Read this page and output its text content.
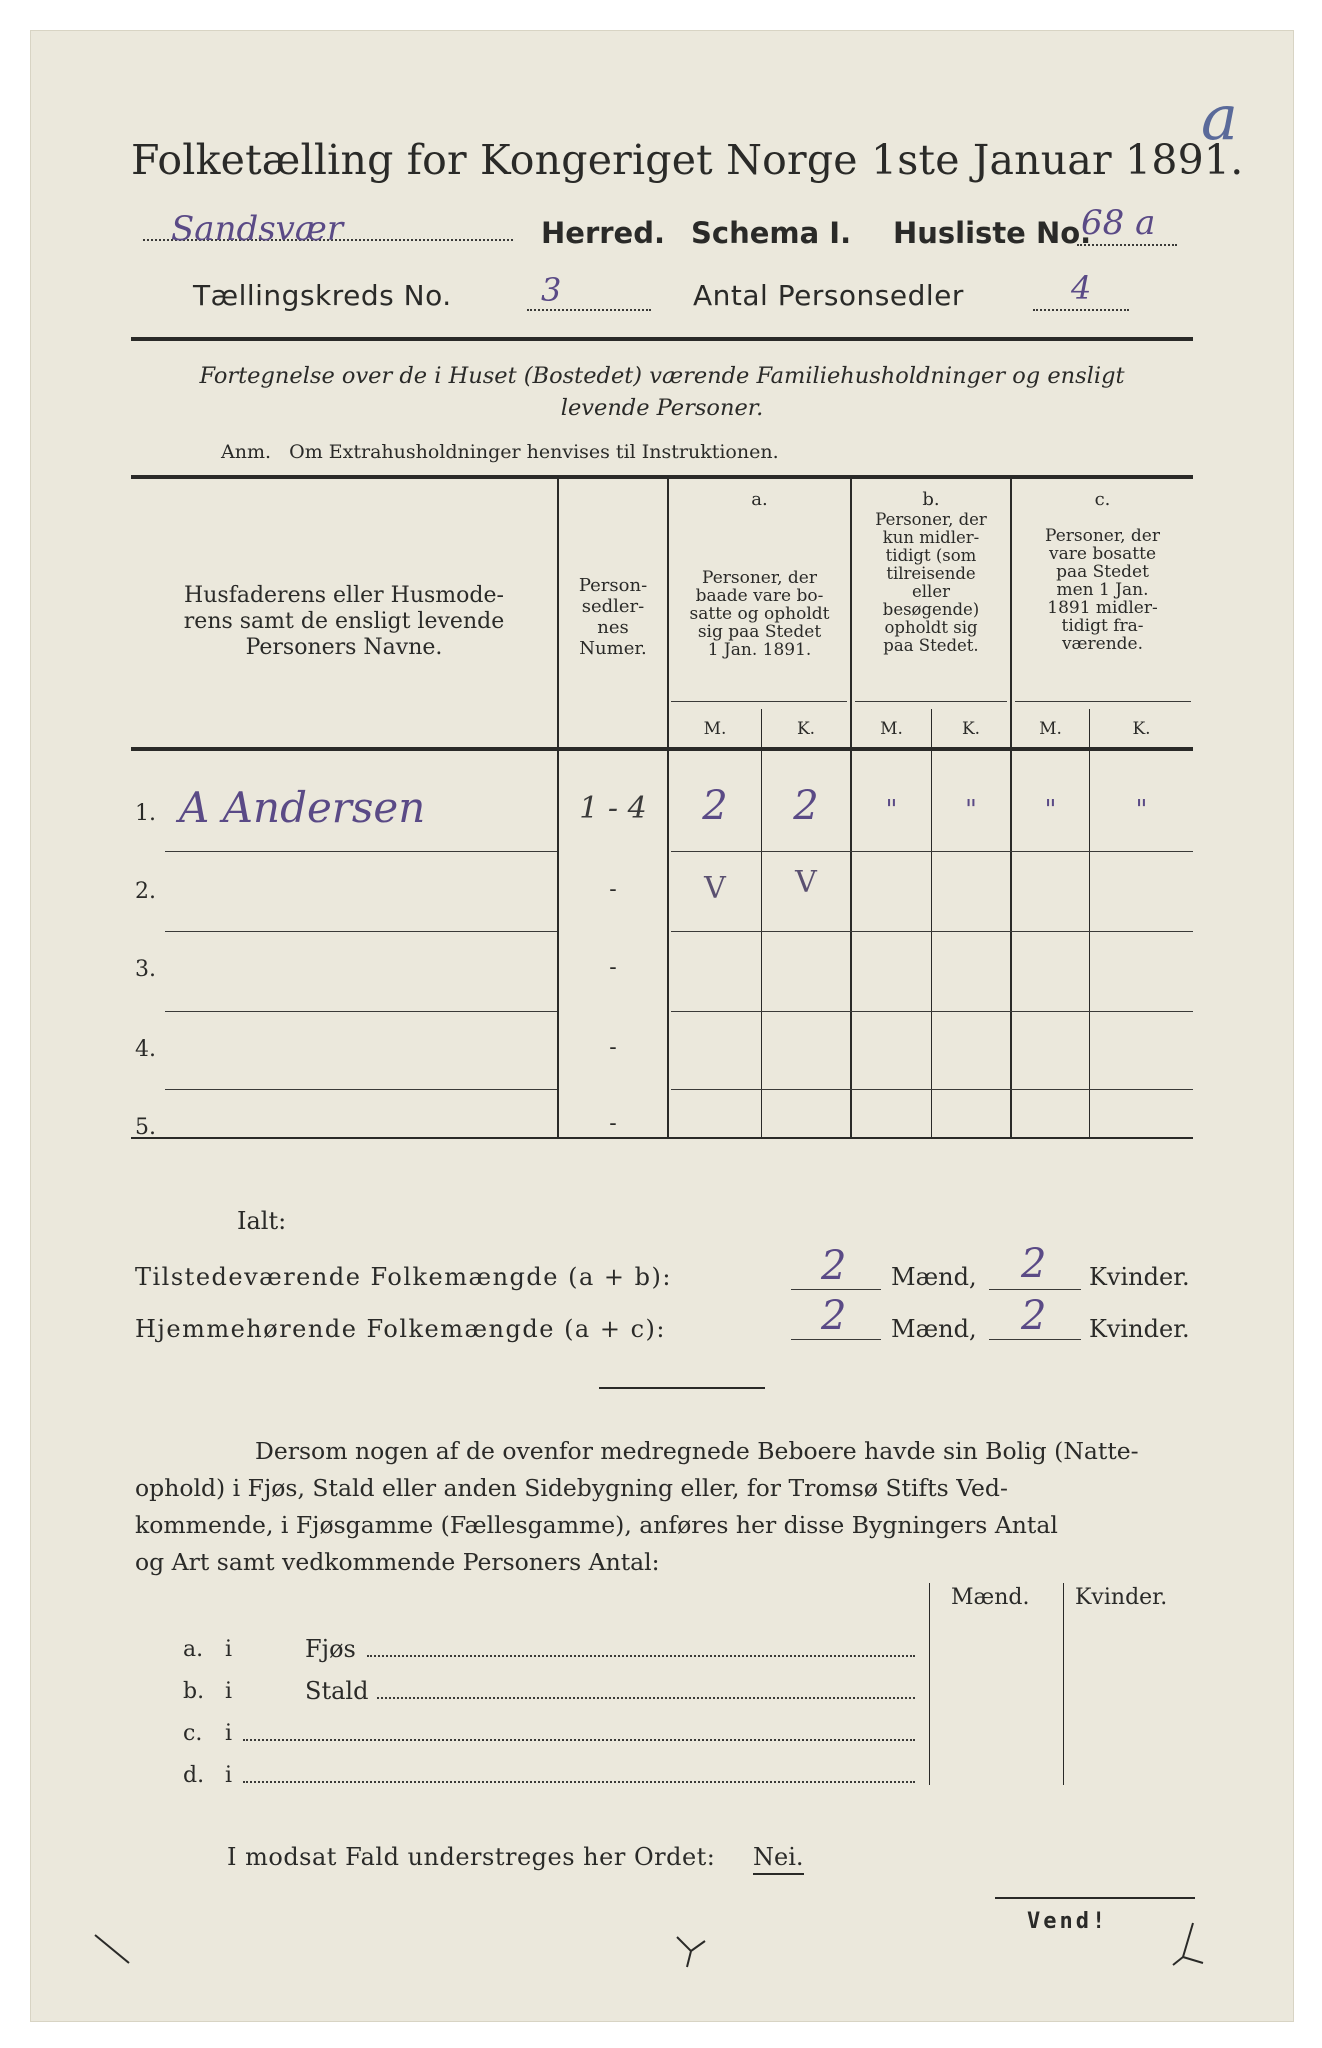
a
Folketælling for Kongeriget Norge 1ste Januar 1891.
Sandsvær	Herred. Schema I. Husliste No.
68 a
Tællingskreds No.	3	Antal Personsedler	4
Fortegnelse over de i Huset (Bostedet) værende Familiehusholdninger og ensligt
levende Personer.
Anm.   Om Extrahusholdninger henvises til Instruktionen.
Husfaderens eller Husmode-
rens samt de ensligt levende
Personers Navne.
Person-
sedler-
nes
Numer.
a.
Personer, der
baade vare bo-
satte og opholdt
sig paa Stedet
1 Jan. 1891.
b.
Personer, der
kun midler-
tidigt (som
tilreisende
eller
besøgende)
opholdt sig
paa Stedet.
c.
Personer, der
vare bosatte
paa Stedet
men 1 Jan.
1891 midler-
tidigt fra-
værende.
M.	K.	M.	K.	M.	K.
1. A Andersen	1 - 4	2	2	"	"	"	"
2.	-	V	V
3.	-
4.	-
5.	-
Ialt:
Tilstedeværende Folkemængde (a + b):	2 Mænd, 2 Kvinder.
Hjemmehørende Folkemængde (a + c):	2 Mænd, 2 Kvinder.
Dersom nogen af de ovenfor medregnede Beboere havde sin Bolig (Natte-
ophold) i Fjøs, Stald eller anden Sidebygning eller, for Tromsø Stifts Ved-
kommende, i Fjøsgamme (Fællesgamme), anføres her disse Bygningers Antal
og Art samt vedkommende Personers Antal:
Mænd. Kvinder.
a. i	Fjøs
b. i	Stald
c. i
d. i
I modsat Fald understreges her Ordet: Nei.
Vend!
